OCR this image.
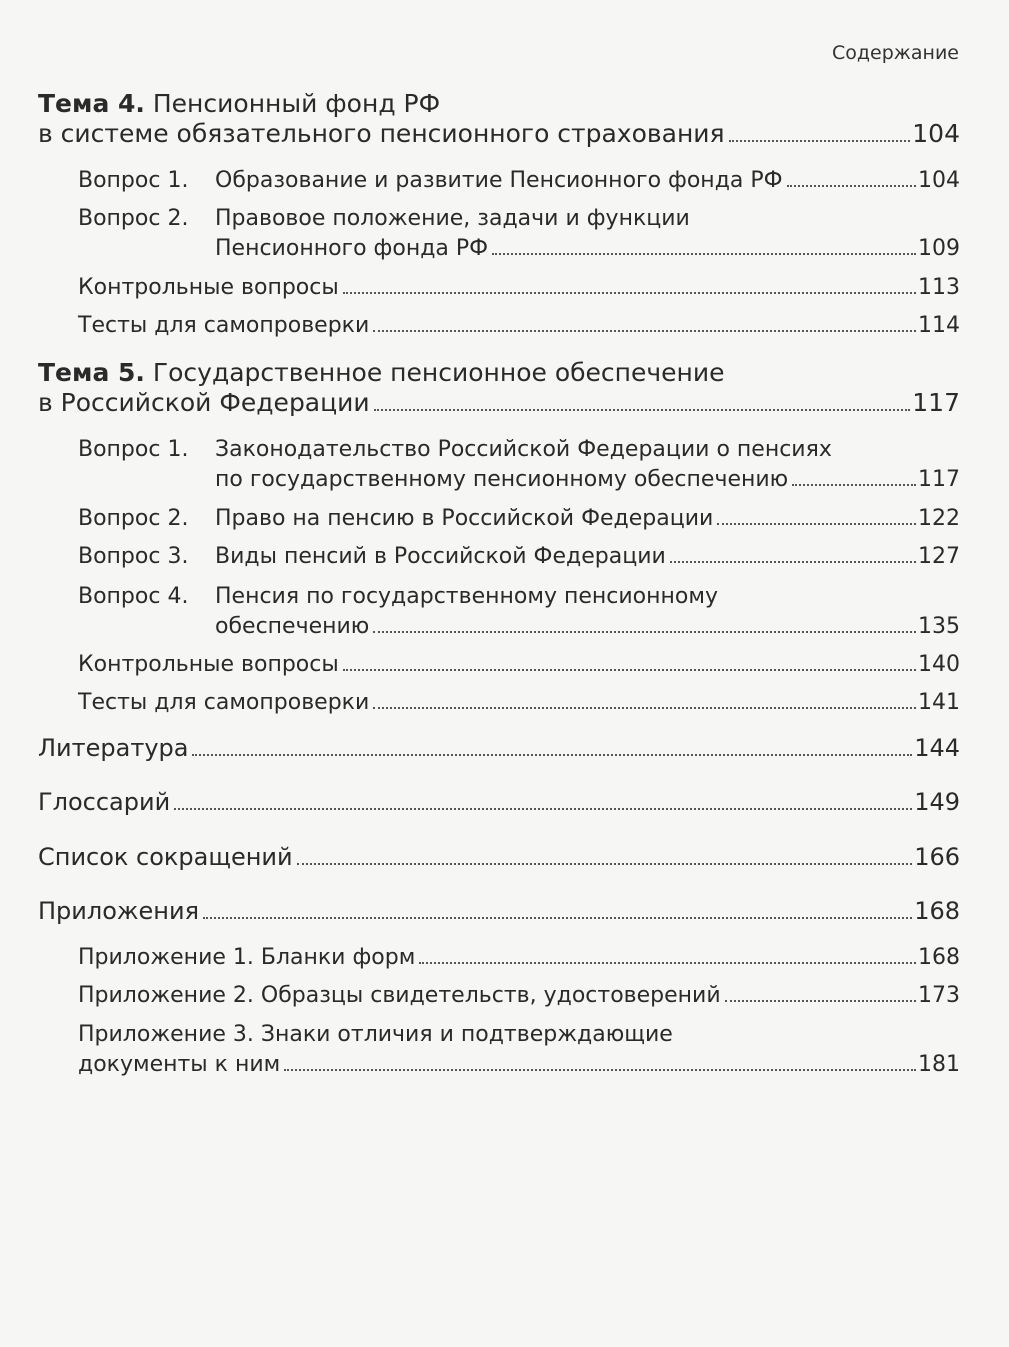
Содержание
Тема 4. Пенсионный фонд РФ
в системе обязательного пенсионного страхования	104
Вопрос 1.	Образование и развитие Пенсионного фонда РФ	104
Вопрос 2. Правовое положение, задачи и функции
Пенсионного фонда РФ	109
Контрольные вопросы	113
Тесты для самопроверки	114
Тема 5. Государственное пенсионное обеспечение
в Российской Федерации	117
Вопрос 1. Законодательство Российской Федерации о пенсиях
по государственному пенсионному обеспечению	117
Вопрос 2.	Право на пенсию в Российской Федерации	122
Вопрос 3.	Виды пенсий в Российской Федерации	127
Вопрос 4. Пенсия по государственному пенсионному
обеспечению	135
Контрольные вопросы	140
Тесты для самопроверки	141
Литература	144
Глоссарий	149
Список сокращений	166
Приложения	168
Приложение 1. Бланки форм	168
Приложение 2. Образцы свидетельств, удостоверений	173
Приложение 3. Знаки отличия и подтверждающие
документы к ним	181
